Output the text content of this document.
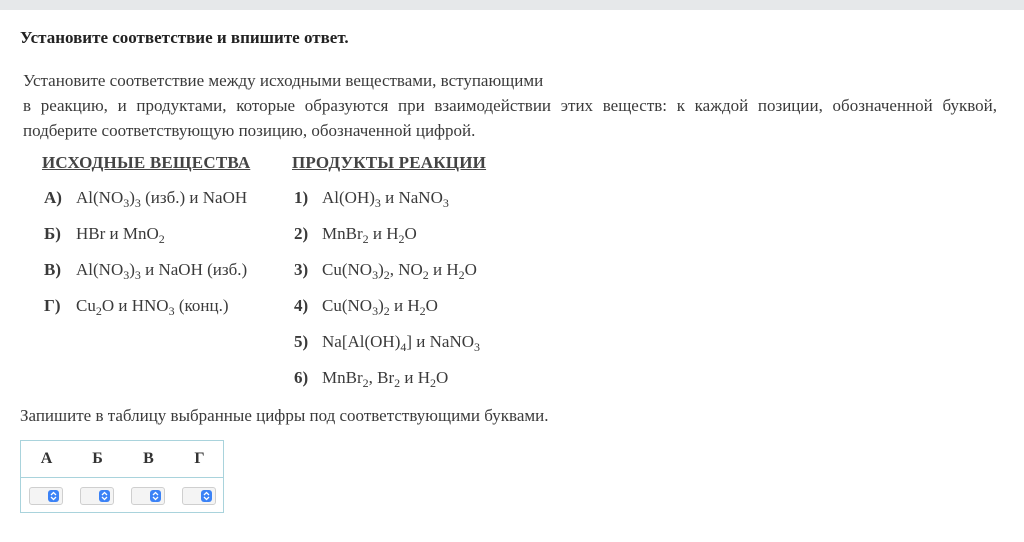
Установите соответствие и впишите ответ.
Установите соответствие между исходными веществами, вступающими
в реакцию, и продуктами, которые образуются при взаимодействии этих веществ: к каждой позиции, обозначенной буквой, подберите соответствующую позицию, обозначенной цифрой.
ИСХОДНЫЕ ВЕЩЕСТВА ПРОДУКТЫ РЕАКЦИИ
А) $Al(NO_3)_3$ (изб.) и NaOH
Б) HBr и MnO$_2$
В) $Al(NO_3)_3$ и NaOH (изб.)
Г) $Cu_2O$ и $HNO_3$ (конц.)
1) $Al(OH)_3$ и NaNO$_3$
2) MnBr$_2$ и $H_2O$
3) $Cu(NO_3)_2$, $NO_2$ и $H_2O$
4) $Cu(NO_3)_2$ и $H_2O$
5) $Na[Al(OH)_4]$ и NaNO$_3$
6) MnBr$_2$, $Br_2$ и $H_2O$
Запишите в таблицу выбранные цифры под соответствующими буквами.
А	Б	В	Г
